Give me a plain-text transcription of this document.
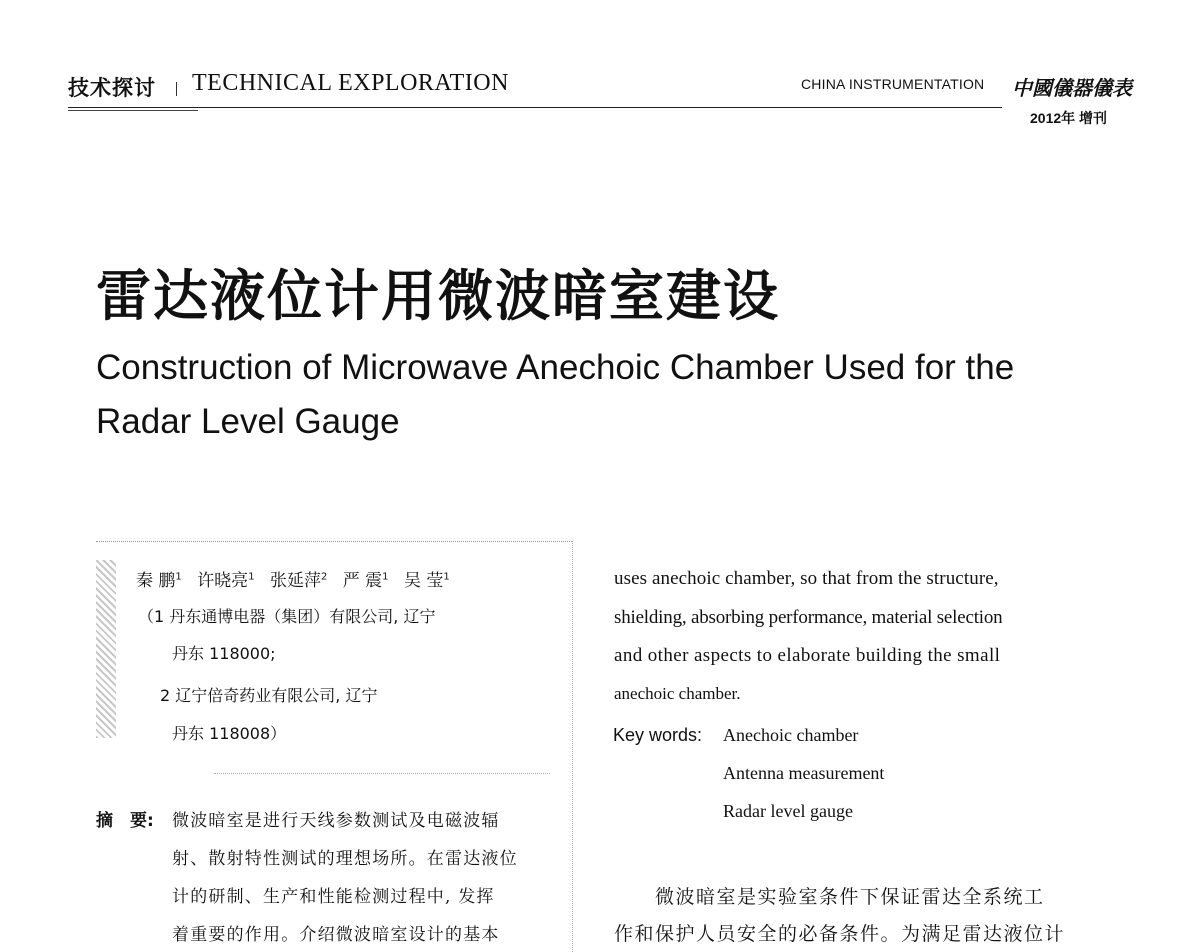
技术探讨 TECHNICAL EXPLORATION	CHINA INSTRUMENTATION 中國儀器儀表
2012年 增刊
雷达液位计用微波暗室建设
Construction of Microwave Anechoic Chamber Used for the Radar Level Gauge
秦 鹏$^1$ 许晓亮$^1$ 张延萍$^2$ 严 震$^1$ 吴 莹$^1$
（1 丹东通博电器（集团）有限公司, 辽宁
丹东 118000;
2 辽宁倍奇药业有限公司, 辽宁
丹东 118008）
摘　要: 微波暗室是进行天线参数测试及电磁波辐
射、散射特性测试的理想场所。在雷达液位
计的研制、生产和性能检测过程中, 发挥
着重要的作用。介绍微波暗室设计的基本
uses anechoic chamber, so that from the structure,
shielding, absorbing performance, material selection
and other aspects to elaborate building the small
anechoic chamber.
Key words: Anechoic chamber
Antenna measurement
Radar level gauge
微波暗室是实验室条件下保证雷达全系统工
作和保护人员安全的必备条件。为满足雷达液位计
